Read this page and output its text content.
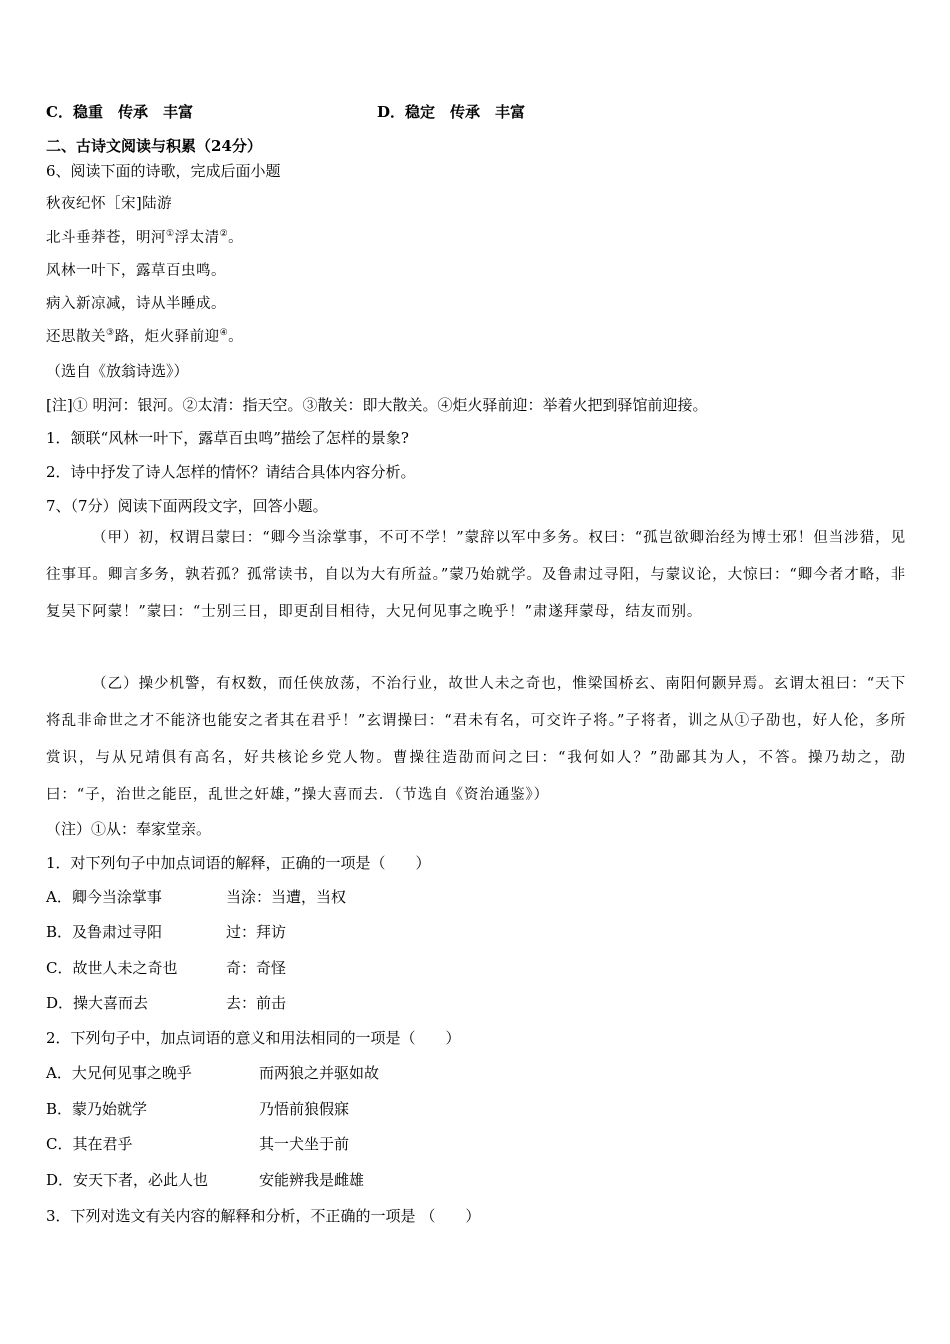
C．稳重　传承　丰富	D．稳定　传承　丰富
二、古诗文阅读与积累（24分）
6、阅读下面的诗歌，完成后面小题
秋夜纪怀［宋]陆游
北斗垂莽苍，明河①浮太清②。
风林一叶下，露草百虫鸣。
病入新凉减，诗从半睡成。
还思散关③路，炬火驿前迎④。
（选自《放翁诗选》）
[注]① 明河：银河。②太清：指天空。③散关：即大散关。④炬火驿前迎：举着火把到驿馆前迎接。
1．颔联“风林一叶下，露草百虫鸣”描绘了怎样的景象?
2．诗中抒发了诗人怎样的情怀？请结合具体内容分析。
7、（7分）阅读下面两段文字，回答小题。
（甲）初，权谓吕蒙曰：“卿今当涂掌事，不可不学！”蒙辞以军中多务。权曰：“孤岂欲卿治经为博士邪！但当涉猎，见往事耳。卿言多务，孰若孤？孤常读书，自以为大有所益。”蒙乃始就学。及鲁肃过寻阳，与蒙议论，大惊曰：“卿今者才略，非复吴下阿蒙！”蒙曰：“士别三日，即更刮目相待，大兄何见事之晚乎！”肃遂拜蒙母，结友而别。
（乙）操少机警，有权数，而任侠放荡，不治行业，故世人未之奇也，惟梁国桥玄、南阳何颢异焉。玄谓太祖曰：“天下将乱非命世之才不能济也能安之者其在君乎！”玄谓操曰：“君未有名，可交许子将。”子将者，训之从①子劭也，好人伦，多所赏识，与从兄靖俱有高名，好共核论乡党人物。曹操往造劭而问之曰：“我何如人？”劭鄙其为人，不答。操乃劫之，劭曰：“子，治世之能臣，乱世之奸雄，”操大喜而去．（节选自《资治通鉴》）
（注）①从：奉家堂亲。
1．对下列句子中加点词语的解释，正确的一项是（　　）
A．卿今当涂掌事	当涂：当遭，当权
B．及鲁肃过寻阳	过：拜访
C．故世人未之奇也	奇：奇怪
D．操大喜而去	去：前击
2．下列句子中，加点词语的意义和用法相同的一项是（　　）
A．大兄何见事之晚乎	而两狼之并驱如故
B．蒙乃始就学	乃悟前狼假寐
C．其在君乎	其一犬坐于前
D．安天下者，必此人也	安能辨我是雌雄
3．下列对选文有关内容的解释和分析，不正确的一项是 （　　）
